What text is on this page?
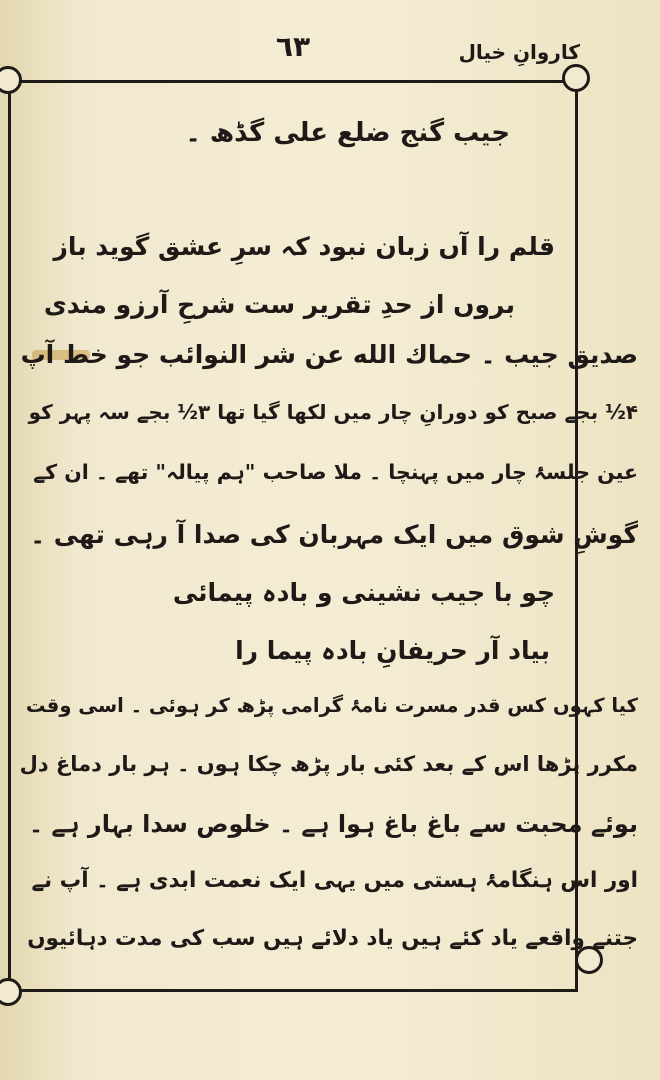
٦٣	کاروانِ خیال
جیب گنج ضلع علی گڈھ ۔
قلم را آں زبان نبود کہ سرِ عشق گوید باز
بروں از حدِ تقریر ست شرحِ آرزو مندی
صدیق جیب ۔ حماك الله عن شر النوائب جو خط آپ
۴½ بجے صبح کو دورانِ چار میں لکھا گیا تھا ۳½ بجے سہ پہر کو
عین جلسۂ چار میں پہنچا ۔ ملا صاحب "ہم پیالہ" تھے ۔ ان کے
گوشِ شوق میں ایک مہربان کی صدا آ رہی تھی ۔
چو با جیب نشینی و بادہ پیمائی
بیاد آر حریفانِ بادہ پیما را
کیا کہوں کس قدر مسرت نامۂ گرامی پڑھ کر ہوئی ۔ اسی وقت
مکرر پڑھا اس کے بعد کئی بار پڑھ چکا ہوں ۔ ہر بار دماغ دل
بوئے محبت سے باغ باغ ہوا ہے ۔ خلوص سدا بہار ہے ۔
اور اس ہنگامۂ ہستی میں یہی ایک نعمت ابدی ہے ۔ آپ نے
جتنے واقعے یاد کئے ہیں یاد دلائے ہیں سب کی مدت دہائیوں
